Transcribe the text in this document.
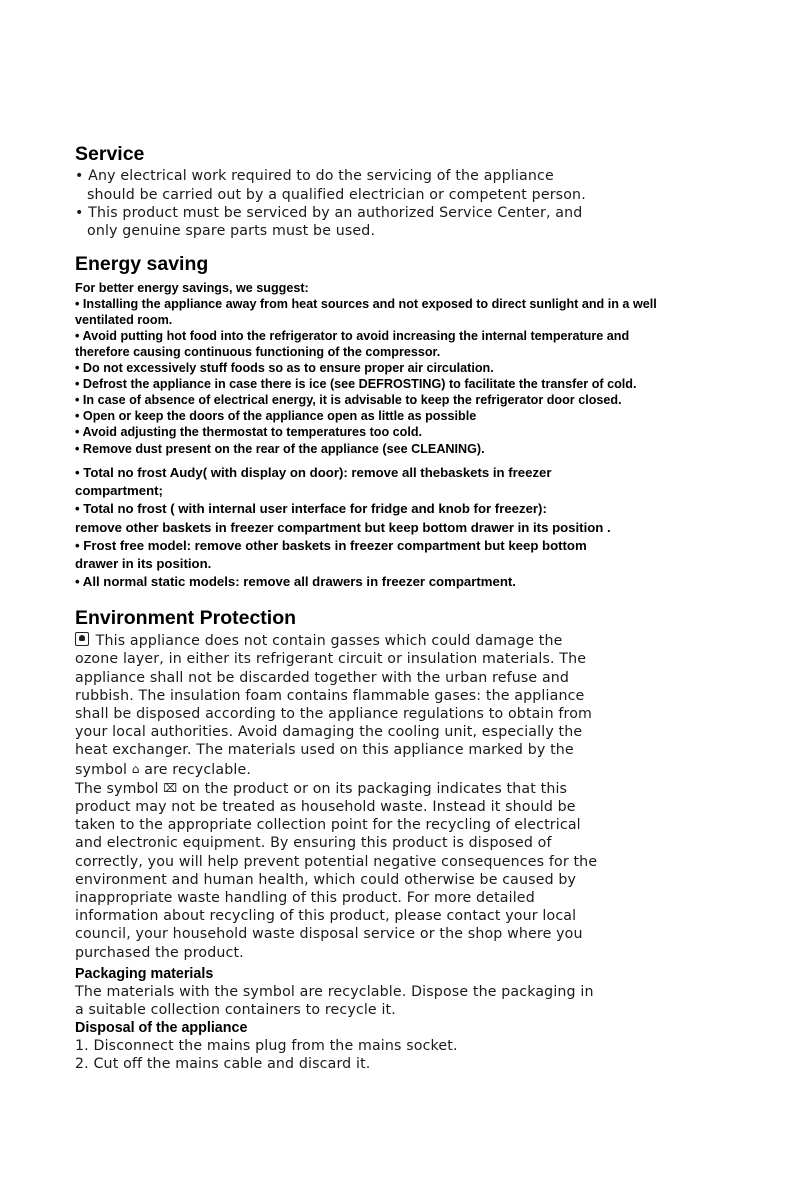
Service
• Any electrical work required to do the servicing of the appliance
should be carried out by a qualified electrician or competent person.
• This product must be serviced by an authorized Service Center, and
only genuine spare parts must be used.
Energy saving
For better energy savings, we suggest:
• Installing the appliance away from heat sources and not exposed to direct sunlight and in a well
ventilated room.
• Avoid putting hot food into the refrigerator to avoid increasing the internal temperature and
therefore causing continuous functioning of the compressor.
• Do not excessively stuff foods so as to ensure proper air circulation.
• Defrost the appliance in case there is ice (see DEFROSTING) to facilitate the transfer of cold.
• In case of absence of electrical energy, it is advisable to keep the refrigerator door closed.
• Open or keep the doors of the appliance open as little as possible
• Avoid adjusting the thermostat to temperatures too cold.
• Remove dust present on the rear of the appliance (see CLEANING).
• Total no frost Audy( with display on door): remove all thebaskets in freezer
compartment;
• Total no frost ( with internal user interface for fridge and knob for freezer):
remove other baskets in freezer compartment but keep bottom drawer in its position .
• Frost free model: remove other baskets in freezer compartment but keep bottom
drawer in its position.
• All normal static models: remove all drawers in freezer compartment.
Environment Protection
This appliance does not contain gasses which could damage the
ozone layer, in either its refrigerant circuit or insulation materials. The
appliance shall not be discarded together with the urban refuse and
rubbish. The insulation foam contains flammable gases: the appliance
shall be disposed according to the appliance regulations to obtain from
your local authorities. Avoid damaging the cooling unit, especially the
heat exchanger. The materials used on this appliance marked by the
symbol ⌂ are recyclable.
The symbol ⌧ on the product or on its packaging indicates that this
product may not be treated as household waste. Instead it should be
taken to the appropriate collection point for the recycling of electrical
and electronic equipment. By ensuring this product is disposed of
correctly, you will help prevent potential negative consequences for the
environment and human health, which could otherwise be caused by
inappropriate waste handling of this product. For more detailed
information about recycling of this product, please contact your local
council, your household waste disposal service or the shop where you
purchased the product.
Packaging materials
The materials with the symbol are recyclable. Dispose the packaging in
a suitable collection containers to recycle it.
Disposal of the appliance
1. Disconnect the mains plug from the mains socket.
2. Cut off the mains cable and discard it.
